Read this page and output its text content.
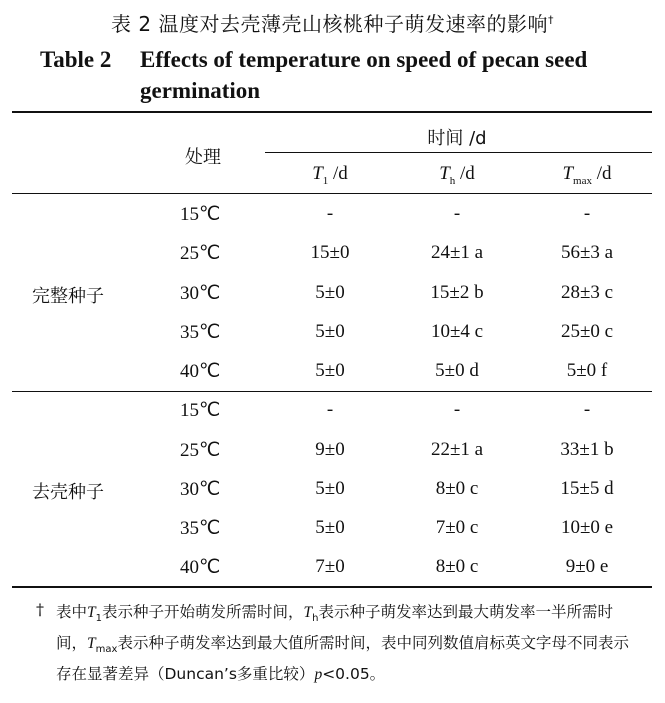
表 2 温度对去壳薄壳山核桃种子萌发速率的影响†
Table 2 Effects of temperature on speed of pecan seed germination
处理
时间 /d
$T_1$ /d	$T_h$ /d	$T_{max}$ /d
完整种子
15℃	-	-	-
25℃	15±0	24±1 a	56±3 a
30℃	5±0	15±2 b	28±3 c
35℃	5±0	10±4 c	25±0 c
40℃	5±0	5±0 d	5±0 f
去壳种子
15℃	-	-	-
25℃	9±0	22±1 a	33±1 b
30℃	5±0	8±0 c	15±5 d
35℃	5±0	7±0 c	10±0 e
40℃	7±0	8±0 c	9±0 e
† 表中$T_1$表示种子开始萌发所需时间，$T_h$表示种子萌发率达到最大萌发率一半所需时间，$T_{max}$表示种子萌发率达到最大值所需时间，表中同列数值肩标英文字母不同表示存在显著差异（Duncan’s多重比较）p<0.05。
